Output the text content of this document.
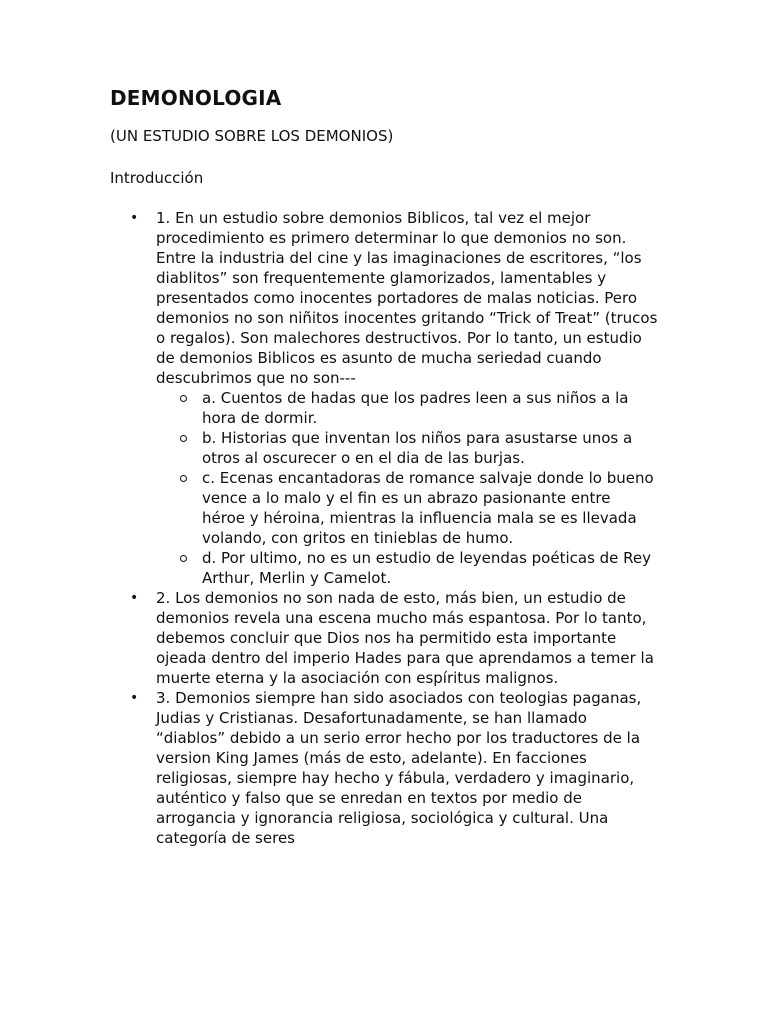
DEMONOLOGIA

(UN ESTUDIO SOBRE LOS DEMONIOS)

Introducción

• 1. En un estudio sobre demonios Biblicos, tal vez el mejor procedimiento es primero determinar lo que demonios no son. Entre la industria del cine y las imaginaciones de escritores, “los diablitos” son frequentemente glamorizados, lamentables y presentados como inocentes portadores de malas noticias. Pero demonios no son niñitos inocentes gritando “Trick of Treat” (trucos o regalos). Son malechores destructivos. Por lo tanto, un estudio de demonios Biblicos es asunto de mucha seriedad cuando descubrimos que no son---
a. Cuentos de hadas que los padres leen a sus niños a la hora de dormir.
b. Historias que inventan los niños para asustarse unos a otros al oscurecer o en el dia de las burjas.
c. Ecenas encantadoras de romance salvaje donde lo bueno vence a lo malo y el fin es un abrazo pasionante entre héroe y héroina, mientras la influencia mala se es llevada volando, con gritos en tinieblas de humo.
d. Por ultimo, no es un estudio de leyendas poéticas de Rey Arthur, Merlin y Camelot.
• 2. Los demonios no son nada de esto, más bien, un estudio de demonios revela una escena mucho más espantosa. Por lo tanto, debemos concluir que Dios nos ha permitido esta importante ojeada dentro del imperio Hades para que aprendamos a temer la muerte eterna y la asociación con espíritus malignos.
• 3. Demonios siempre han sido asociados con teologias paganas, Judias y Cristianas. Desafortunadamente, se han llamado “diablos” debido a un serio error hecho por los traductores de la version King James (más de esto, adelante). En facciones religiosas, siempre hay hecho y fábula, verdadero y imaginario, auténtico y falso que se enredan en textos por medio de arrogancia y ignorancia religiosa, sociológica y cultural. Una categoría de seres
